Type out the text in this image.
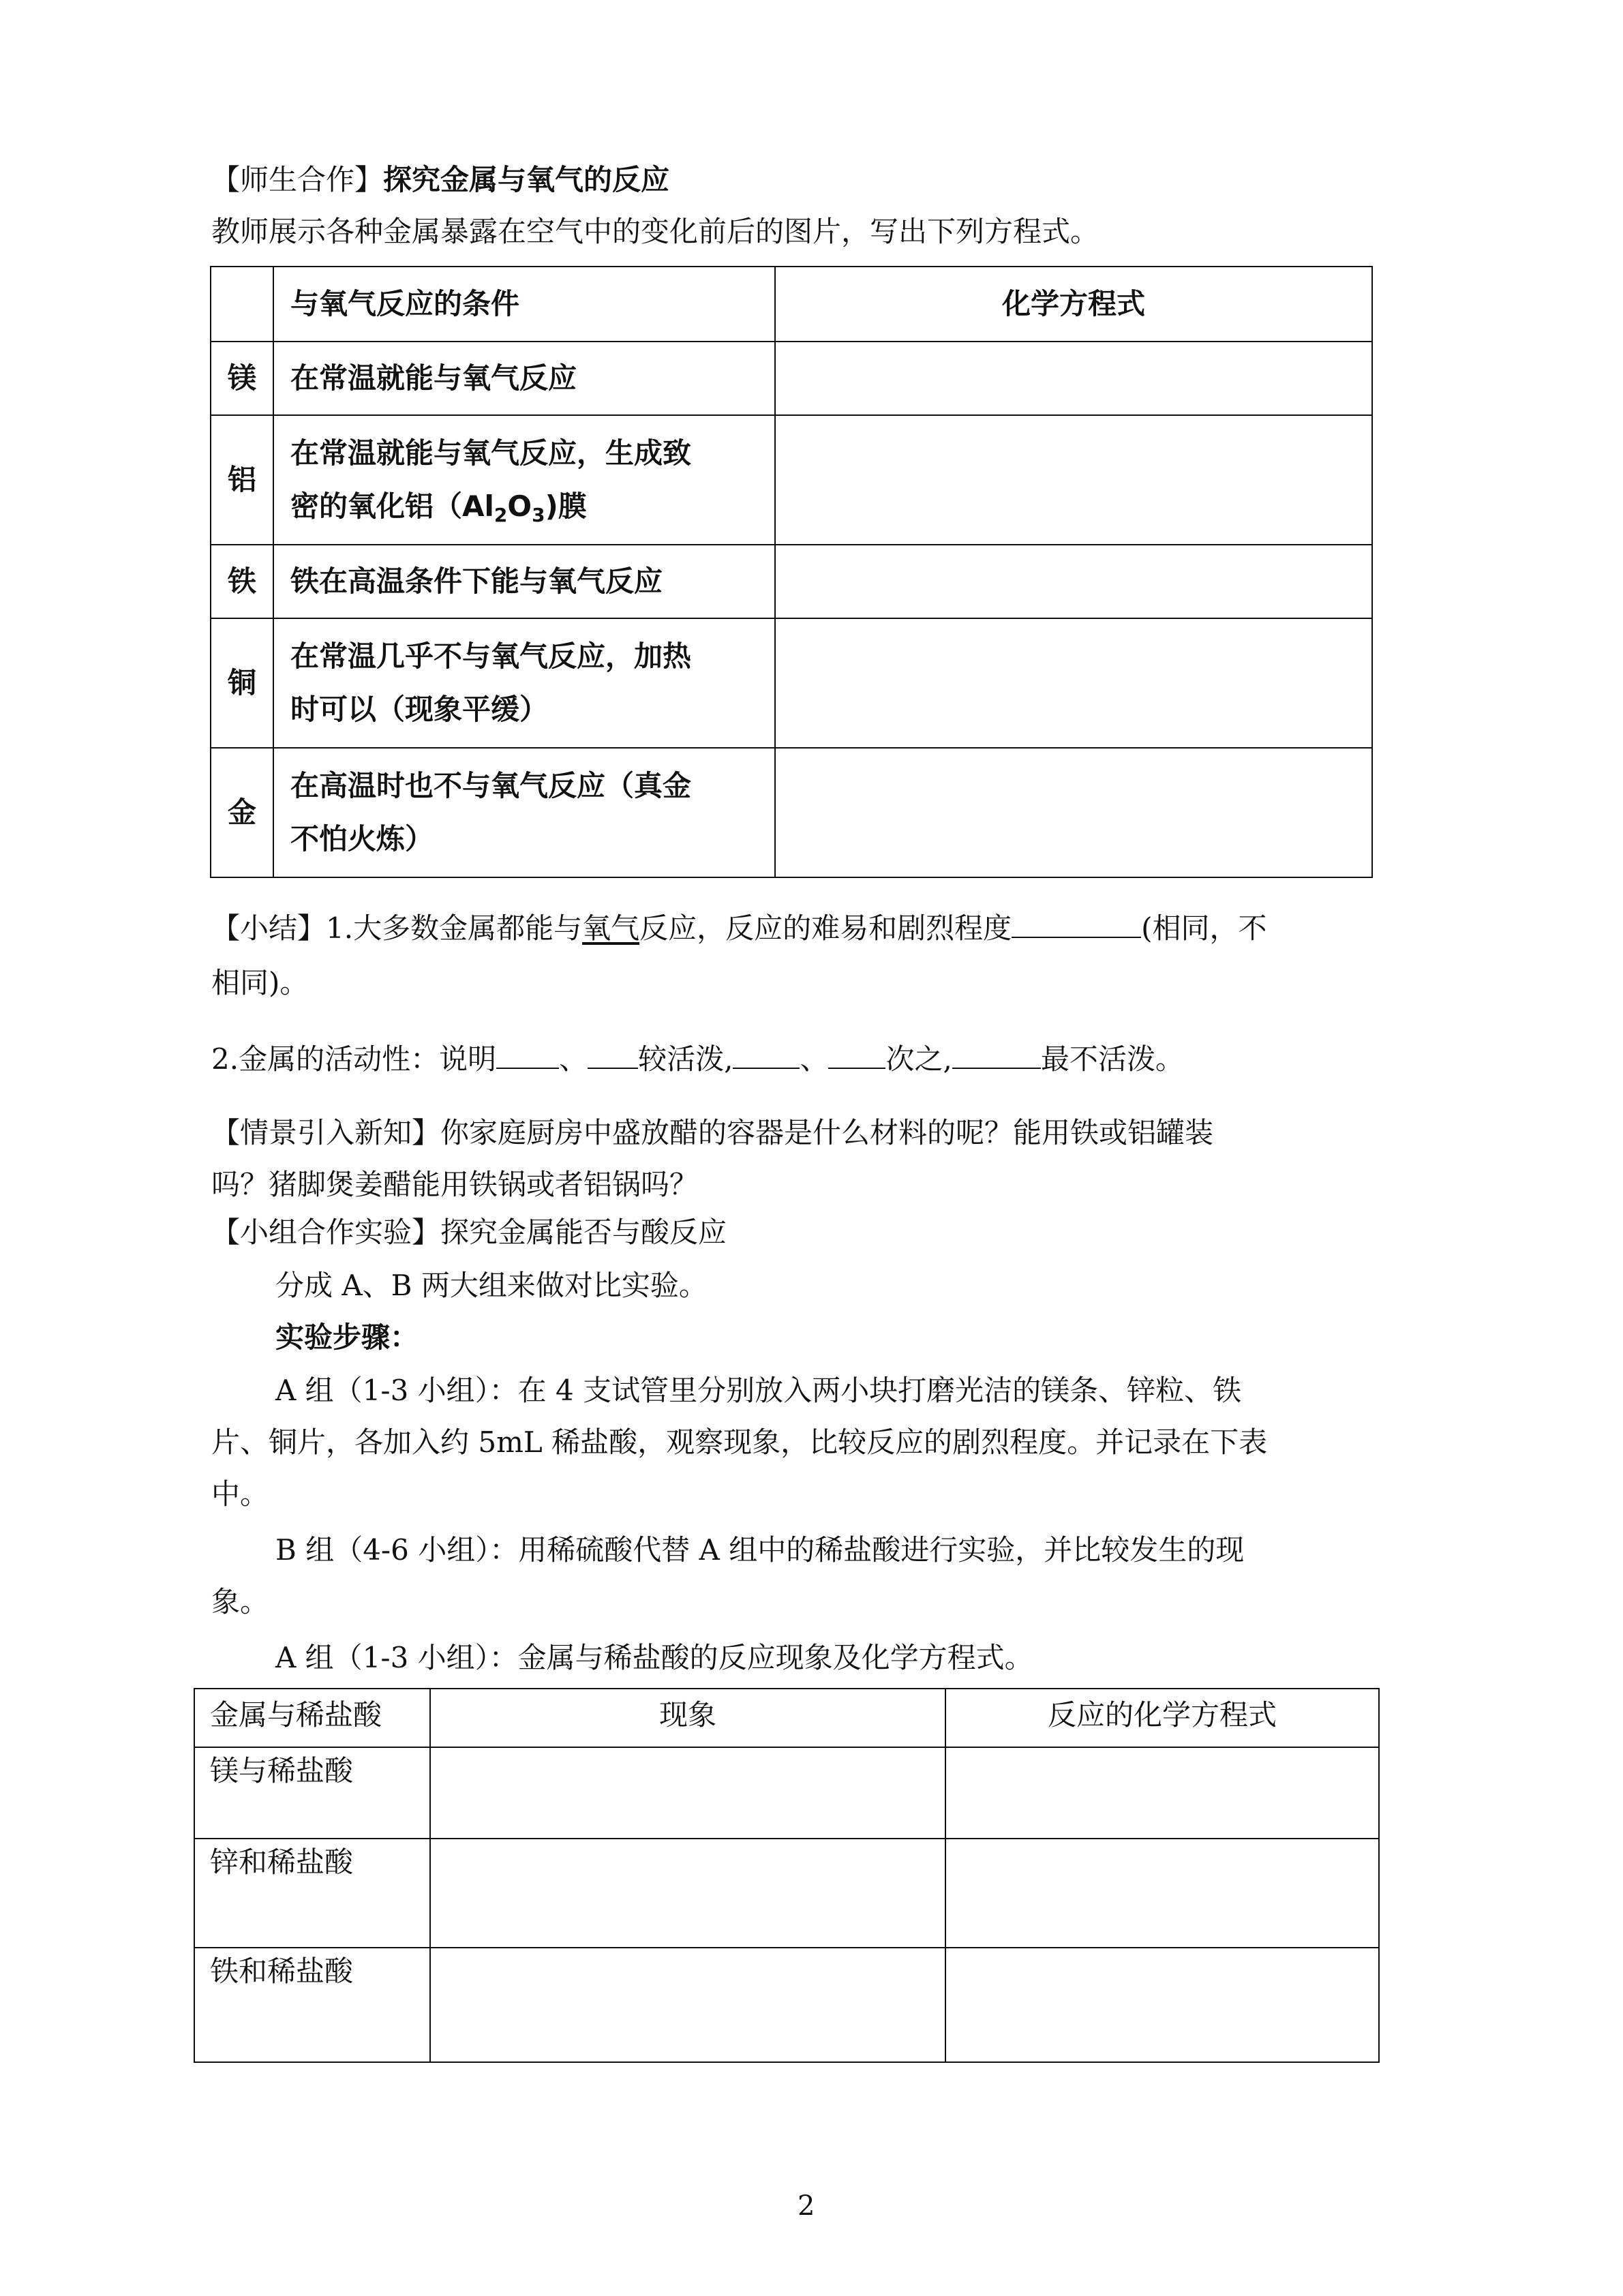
【师生合作】探究金属与氧气的反应
教师展示各种金属暴露在空气中的变化前后的图片，写出下列方程式。
	与氧气反应的条件	化学方程式
镁	在常温就能与氧气反应	
铝	在常温就能与氧气反应，生成致
密的氧化铝$(Al_2O_3)$膜	

铁	铁在高温条件下能与氧气反应	
铜	在常温几乎不与氧气反应，加热
时可以（现象平缓）	

金	在高温时也不与氧气反应（真金
不怕火炼）	

【小结】1.大多数金属都能与氧气反应，反应的难易和剧烈程度	(相同，不
相同)。
2.金属的活动性：说明 、 较活泼, 、 次之,	最不活泼。
【情景引入新知】你家庭厨房中盛放醋的容器是什么材料的呢？能用铁或铝罐装
吗？猪脚煲姜醋能用铁锅或者铝锅吗？
【小组合作实验】探究金属能否与酸反应
分成 A、B 两大组来做对比实验。
实验步骤：
A 组（1-3 小组）：在 4 支试管里分别放入两小块打磨光洁的镁条、锌粒、铁
片、铜片，各加入约 5mL 稀盐酸，观察现象，比较反应的剧烈程度。并记录在下表
中。
B 组（4-6 小组）：用稀硫酸代替 A 组中的稀盐酸进行实验，并比较发生的现
象。
A 组（1-3 小组）：金属与稀盐酸的反应现象及化学方程式。
金属与稀盐酸	现象	反应的化学方程式
镁与稀盐酸		
锌和稀盐酸		
铁和稀盐酸		
2
